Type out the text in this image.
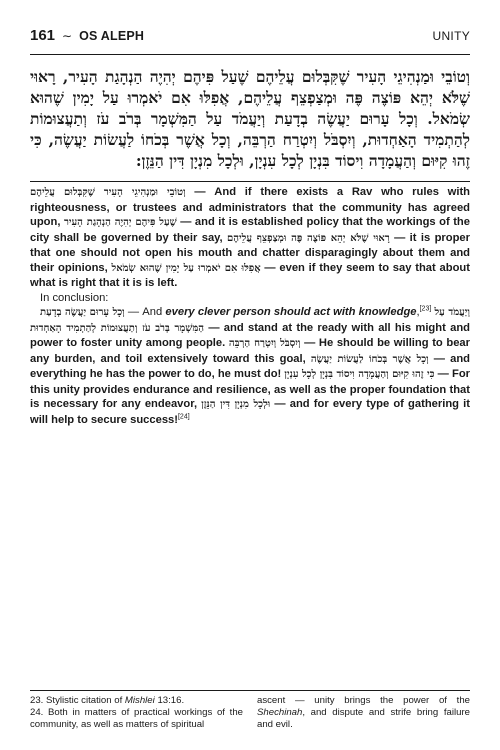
161 ∼ OS ALEPH	UNITY
וְטוֹבֵי וּמַנְהִיגֵי הָעִיר שֶׁקִּבְּלוּם עֲלֵיהֶם שֶׁעַל פִּיהֶם יְהִיֶה הַנְהָגַת הָעִיר, רָאוּי שֶׁלֹּא יְהֵא פּוֹצֶה פֶּה וּמְצַפְצֵף עֲלֵיהֶם, אֲפִלּוּ אִם יֹאמְרוּ עַל יָמִין שֶׁהוּא שְׂמֹאל. וְכָל עָרוּם יַעֲשֶׂה בְדָעַת וְיַעֲמֹד עַל הַמִּשְׁמָר בְּרֹב עֹז וְתַעֲצוּמוֹת לְהַתְמִיד הָאַחְדוּת, וְיִסְבֹּל וְיִטְרַח הַרְבֵּה, וְכָל אֲשֶׁר בְּכֹחוֹ לַעֲשׂוֹת יַעֲשֶׂה, כִּי זֶהוּ קִיּוּם וְהַעֲמָדָה וִיסוֹד בִּנְיָן לְכָל עִנְיָן, וּלְכָל מִנְיָן דִּין הַנֵּזֶן:

וְטוֹבֵי וּמַנְהִיגֵי הָעִיר שֶׁקִּבְּלוּם עֲלֵיהֶם — And if there exists a Rav who rules with righteousness, or trustees and administrators that the community has agreed upon, שֶׁעַל פִּיהֶם יְהִיֶה הַנְהָגַת הָעִיר — and it is established policy that the workings of the city shall be governed by their say, רָאוּי שֶׁלֹּא יְהֵא פּוֹצֶה פֶּה וּמְצַפְצֵף עֲלֵיהֶם — it is proper that one should not open his mouth and chatter disparagingly about them and their opinions, אֲפִלּוּ אִם יֹאמְרוּ עַל יָמִין שֶׁהוּא שְׂמֹאל — even if they seem to say that about what is right that it is is left.

In conclusion:

וְכָל עָרוּם יַעֲשֶׂה בְדָעַת — And every clever person should act with knowledge,[23] וְיַעֲמֹד עַל הַמִּשְׁמָר בְּרֹב עֹז וְתַעֲצוּמוֹת לְהַתְמִיד הָאַחְדוּת — and stand at the ready with all his might and power to foster unity among people. וְיִסְבֹּל וְיִטְרַח הַרְבֵּה — He should be willing to bear any burden, and toil extensively toward this goal, וְכָל אֲשֶׁר בְּכֹחוֹ לַעֲשׂוֹת יַעֲשֶׂה — and everything he has the power to do, he must do! כִּי זֶהוּ קִיּוּם וְהַעֲמָדָה וִיסוֹד בִּנְיָן לְכָל עִנְיָן — For this unity provides endurance and resilience, as well as the proper foundation that is necessary for any endeavor, וּלְכָל מִנְיָן דִּין הַנֵּזֶן — and for every type of gathering it will help to secure success![24]

23. Stylistic citation of Mishlei 13:16.

24. Both in matters of practical workings of the community, as well as matters of spiritual

ascent — unity brings the power of the Shechinah, and dispute and strife bring failure and evil.
